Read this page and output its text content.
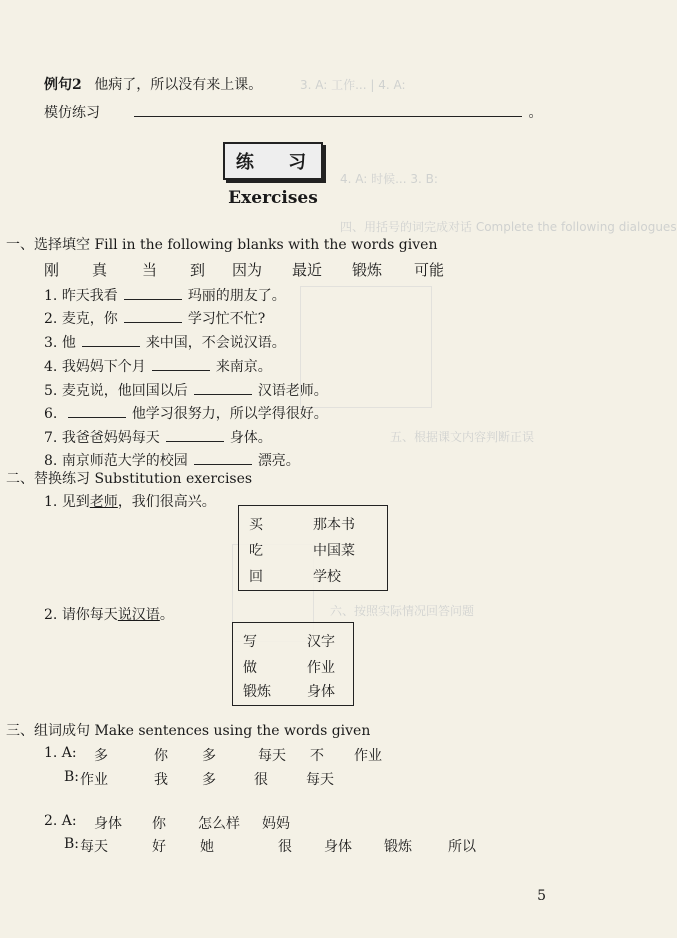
3. A: 工作... | 4. A:
4. A: 时候... 3. B:
四、用括号的词完成对话 Complete the following dialogues
五、根据课文内容判断正误
六、按照实际情况回答问题
例句2 他病了，所以没有来上课。
模仿练习	。
练 习
Exercises
一、选择填空 Fill in the following blanks with the words given
刚 真 当 到 因为 最近 锻炼 可能
1. 昨天我看	玛丽的朋友了。
2. 麦克，你	学习忙不忙?
3. 他	来中国，不会说汉语。
4. 我妈妈下个月	来南京。
5. 麦克说，他回国以后	汉语老师。
6.	他学习很努力，所以学得很好。
7. 我爸爸妈妈每天	身体。
8. 南京师范大学的校园	漂亮。
二、替换练习 Substitution exercises
1. 见到老师，我们很高兴。
买	那本书
吃	中国菜
回	学校
2. 请你每天说汉语。
写	汉字
做	作业
锻炼	身体
三、组词成句 Make sentences using the words given
1. A: 多	你 多	每天 不 作业
B: 作业	我 多	很	每天
2. A: 身体 你 怎么样 妈妈
B: 每天	好 她	很 身体 锻炼	所以
5
